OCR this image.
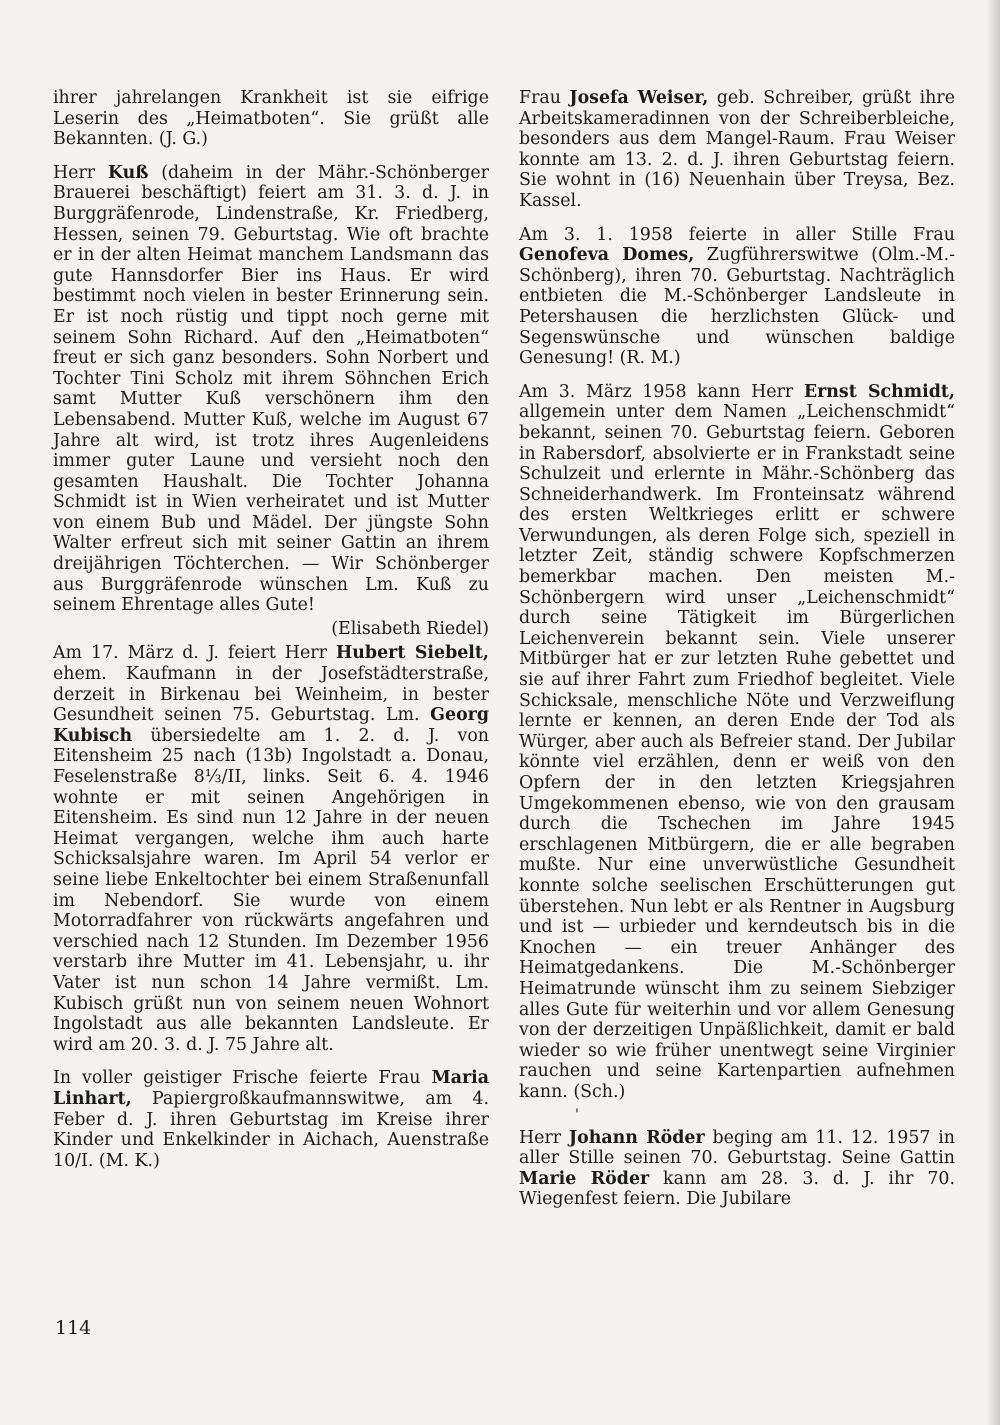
ihrer jahrelangen Krankheit ist sie eifrige Leserin des „Heimatboten“. Sie grüßt alle Bekannten. (J. G.)

Herr Kuß (daheim in der Mähr.-Schönberger Brauerei beschäftigt) feiert am 31. 3. d. J. in Burggräfenrode, Lindenstraße, Kr. Friedberg, Hessen, seinen 79. Geburtstag. Wie oft brachte er in der alten Heimat manchem Landsmann das gute Hannsdorfer Bier ins Haus. Er wird bestimmt noch vielen in bester Erinnerung sein. Er ist noch rüstig und tippt noch gerne mit seinem Sohn Richard. Auf den „Heimatboten“ freut er sich ganz besonders. Sohn Norbert und Tochter Tini Scholz mit ihrem Söhnchen Erich samt Mutter Kuß verschönern ihm den Lebensabend. Mutter Kuß, welche im August 67 Jahre alt wird, ist trotz ihres Augenleidens immer guter Laune und versieht noch den gesamten Haushalt. Die Tochter Johanna Schmidt ist in Wien verheiratet und ist Mutter von einem Bub und Mädel. Der jüngste Sohn Walter erfreut sich mit seiner Gattin an ihrem dreijährigen Töchterchen. — Wir Schönberger aus Burggräfenrode wünschen Lm. Kuß zu seinem Ehrentage alles Gute!

(Elisabeth Riedel)

Am 17. März d. J. feiert Herr Hubert Siebelt, ehem. Kaufmann in der Josefstädterstraße, derzeit in Birkenau bei Weinheim, in bester Gesundheit seinen 75. Geburtstag. Lm. Georg Kubisch übersiedelte am 1. 2. d. J. von Eitensheim 25 nach (13b) Ingolstadt a. Donau, Feselenstraße 8⅓/II, links. Seit 6. 4. 1946 wohnte er mit seinen Angehörigen in Eitensheim. Es sind nun 12 Jahre in der neuen Heimat vergangen, welche ihm auch harte Schicksalsjahre waren. Im April 54 verlor er seine liebe Enkeltochter bei einem Straßenunfall im Nebendorf. Sie wurde von einem Motorradfahrer von rückwärts angefahren und verschied nach 12 Stunden. Im Dezember 1956 verstarb ihre Mutter im 41. Lebensjahr, u. ihr Vater ist nun schon 14 Jahre vermißt. Lm. Kubisch grüßt nun von seinem neuen Wohnort Ingolstadt aus alle bekannten Landsleute. Er wird am 20. 3. d. J. 75 Jahre alt.

In voller geistiger Frische feierte Frau Maria Linhart, Papiergroßkaufmannswitwe, am 4. Feber d. J. ihren Geburtstag im Kreise ihrer Kinder und Enkelkinder in Aichach, Auenstraße 10/I. (M. K.)

Frau Josefa Weiser, geb. Schreiber, grüßt ihre Arbeitskameradinnen von der Schreiberbleiche, besonders aus dem Mangel-Raum. Frau Weiser konnte am 13. 2. d. J. ihren Geburtstag feiern. Sie wohnt in (16) Neuenhain über Treysa, Bez. Kassel.

Am 3. 1. 1958 feierte in aller Stille Frau Genofeva Domes, Zugführerswitwe (Olm.-M.-Schönberg), ihren 70. Geburtstag. Nachträglich entbieten die M.-Schönberger Landsleute in Petershausen die herzlichsten Glück- und Segenswünsche und wünschen baldige Genesung! (R. M.)

Am 3. März 1958 kann Herr Ernst Schmidt, allgemein unter dem Namen „Leichenschmidt“ bekannt, seinen 70. Geburtstag feiern. Geboren in Rabersdorf, absolvierte er in Frankstadt seine Schulzeit und erlernte in Mähr.-Schönberg das Schneiderhandwerk. Im Fronteinsatz während des ersten Weltkrieges erlitt er schwere Verwundungen, als deren Folge sich, speziell in letzter Zeit, ständig schwere Kopfschmerzen bemerkbar machen. Den meisten M.-Schönbergern wird unser „Leichenschmidt“ durch seine Tätigkeit im Bürgerlichen Leichenverein bekannt sein. Viele unserer Mitbürger hat er zur letzten Ruhe gebettet und sie auf ihrer Fahrt zum Friedhof begleitet. Viele Schicksale, menschliche Nöte und Verzweiflung lernte er kennen, an deren Ende der Tod als Würger, aber auch als Befreier stand. Der Jubilar könnte viel erzählen, denn er weiß von den Opfern der in den letzten Kriegsjahren Umgekommenen ebenso, wie von den grausam durch die Tschechen im Jahre 1945 erschlagenen Mitbürgern, die er alle begraben mußte. Nur eine unverwüstliche Gesundheit konnte solche seelischen Erschütterungen gut überstehen. Nun lebt er als Rentner in Augsburg und ist — urbieder und kerndeutsch bis in die Knochen — ein treuer Anhänger des Heimatgedankens. Die M.-Schönberger Heimatrunde wünscht ihm zu seinem Siebziger alles Gute für weiterhin und vor allem Genesung von der derzeitigen Unpäßlichkeit, damit er bald wieder so wie früher unentwegt seine Virginier rauchen und seine Kartenpartien aufnehmen kann. (Sch.)

'

Herr Johann Röder beging am 11. 12. 1957 in aller Stille seinen 70. Geburtstag. Seine Gattin Marie Röder kann am 28. 3. d. J. ihr 70. Wiegenfest feiern. Die Jubilare

114
